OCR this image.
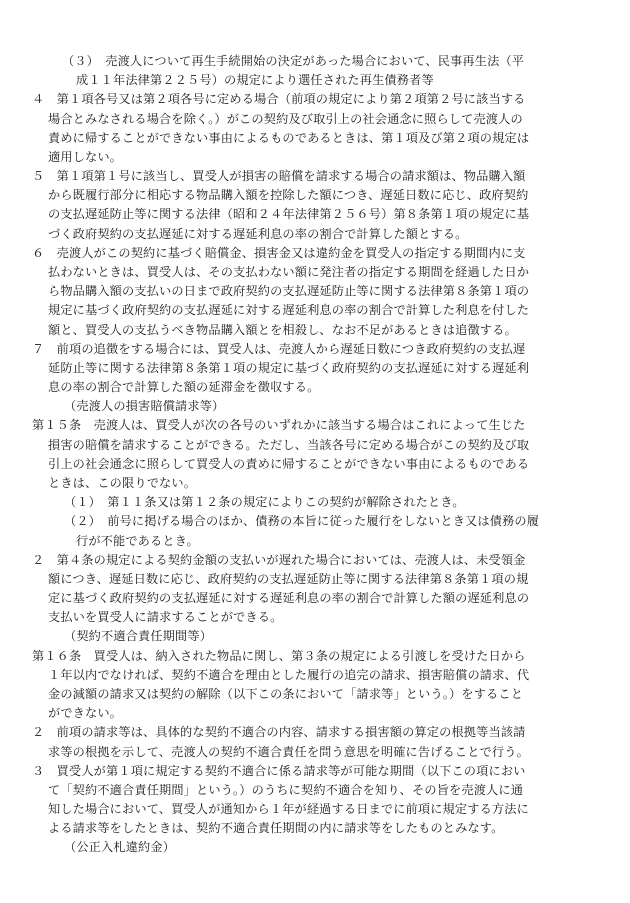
（３）　売渡人について再生手続開始の決定があった場合において、民事再生法（平
成１１年法律第２２５号）の規定により選任された再生債務者等
４　第１項各号又は第２項各号に定める場合（前項の規定により第２項第２号に該当する
場合とみなされる場合を除く。）がこの契約及び取引上の社会通念に照らして売渡人の
責めに帰することができない事由によるものであるときは、第１項及び第２項の規定は
適用しない。
５　第１項第１号に該当し、買受人が損害の賠償を請求する場合の請求額は、物品購入額
から既履行部分に相応する物品購入額を控除した額につき、遅延日数に応じ、政府契約
の支払遅延防止等に関する法律（昭和２４年法律第２５６号）第８条第１項の規定に基
づく政府契約の支払遅延に対する遅延利息の率の割合で計算した額とする。
６　売渡人がこの契約に基づく賠償金、損害金又は違約金を買受人の指定する期間内に支
払わないときは、買受人は、その支払わない額に発注者の指定する期間を経過した日か
ら物品購入額の支払いの日まで政府契約の支払遅延防止等に関する法律第８条第１項の
規定に基づく政府契約の支払遅延に対する遅延利息の率の割合で計算した利息を付した
額と、買受人の支払うべき物品購入額とを相殺し、なお不足があるときは追徴する。
７　前項の追徴をする場合には、買受人は、売渡人から遅延日数につき政府契約の支払遅
延防止等に関する法律第８条第１項の規定に基づく政府契約の支払遅延に対する遅延利
息の率の割合で計算した額の延滞金を徴収する。
（売渡人の損害賠償請求等）
第１５条　売渡人は、買受人が次の各号のいずれかに該当する場合はこれによって生じた
損害の賠償を請求することができる。ただし、当該各号に定める場合がこの契約及び取
引上の社会通念に照らして買受人の責めに帰することができない事由によるものである
ときは、この限りでない。
（１）　第１１条又は第１２条の規定によりこの契約が解除されたとき。
（２）　前号に掲げる場合のほか、債務の本旨に従った履行をしないとき又は債務の履
行が不能であるとき。
２　第４条の規定による契約金額の支払いが遅れた場合においては、売渡人は、未受領金
額につき、遅延日数に応じ、政府契約の支払遅延防止等に関する法律第８条第１項の規
定に基づく政府契約の支払遅延に対する遅延利息の率の割合で計算した額の遅延利息の
支払いを買受人に請求することができる。
（契約不適合責任期間等）
第１６条　買受人は、納入された物品に関し、第３条の規定による引渡しを受けた日から
１年以内でなければ、契約不適合を理由とした履行の追完の請求、損害賠償の請求、代
金の減額の請求又は契約の解除（以下この条において「請求等」という。）をすること
ができない。
２　前項の請求等は、具体的な契約不適合の内容、請求する損害額の算定の根拠等当該請
求等の根拠を示して、売渡人の契約不適合責任を問う意思を明確に告げることで行う。
３　買受人が第１項に規定する契約不適合に係る請求等が可能な期間（以下この項におい
て「契約不適合責任期間」という。）のうちに契約不適合を知り、その旨を売渡人に通
知した場合において、買受人が通知から１年が経過する日までに前項に規定する方法に
よる請求等をしたときは、契約不適合責任期間の内に請求等をしたものとみなす。
（公正入札違約金）
